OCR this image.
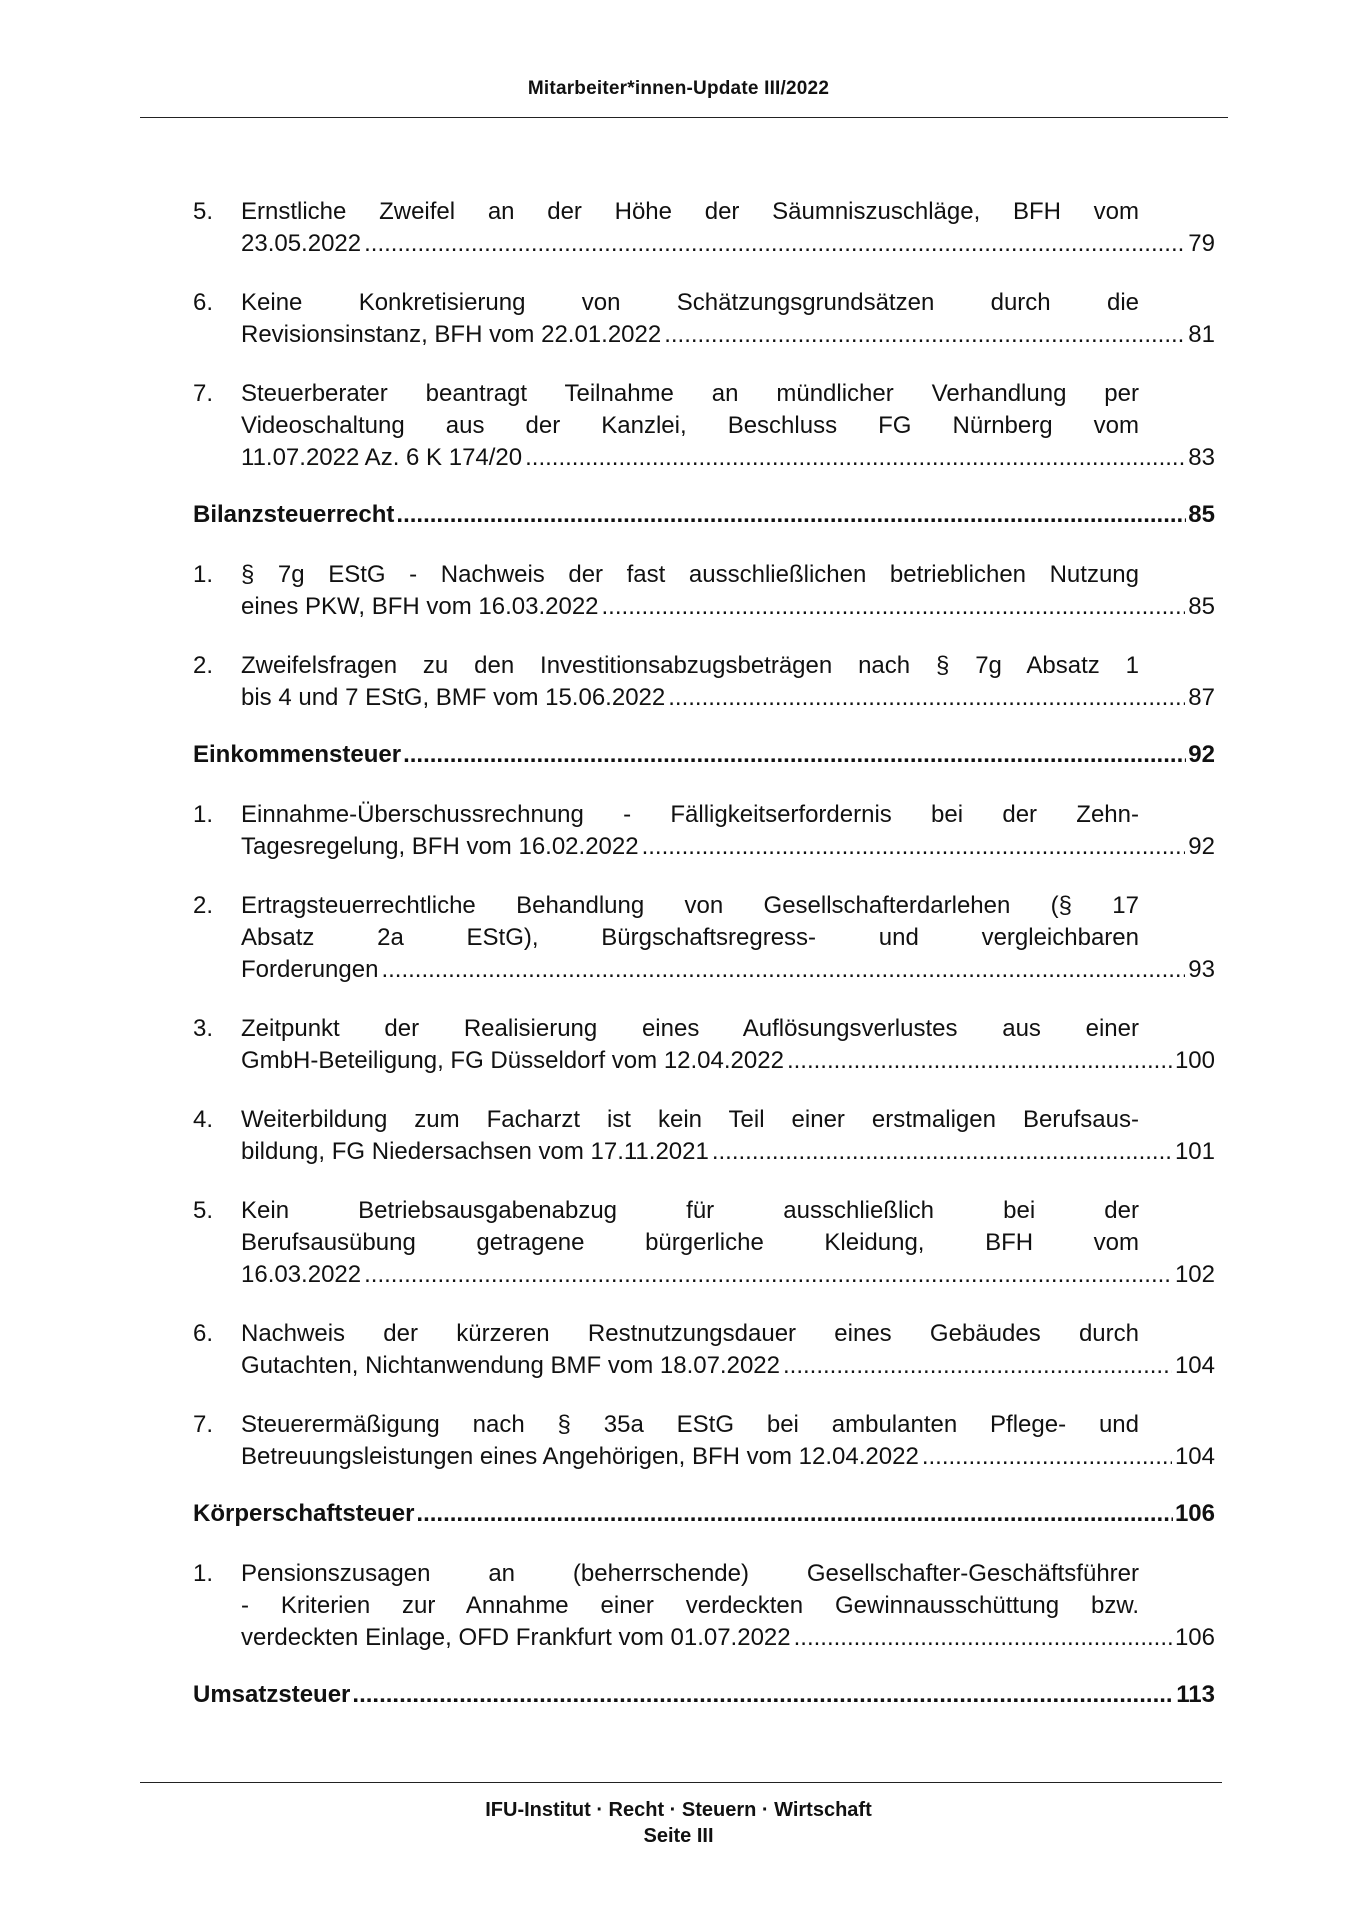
Mitarbeiter*innen-Update III/2022
5.	Ernstliche Zweifel an der Höhe der Säumniszuschläge, BFH vom
23.05.2022 .....	79
6.	Keine Konkretisierung von Schätzungsgrundsätzen durch die
Revisionsinstanz, BFH vom 22.01.2022 .....	81
7.	Steuerberater beantragt Teilnahme an mündlicher Verhandlung per
Videoschaltung aus der Kanzlei, Beschluss FG Nürnberg vom
11.07.2022 Az. 6 K 174/20 .....	83
Bilanzsteuerrecht .....	85
1.	§ 7g EStG - Nachweis der fast ausschließlichen betrieblichen Nutzung
eines PKW, BFH vom 16.03.2022 .....	85
2.	Zweifelsfragen zu den Investitionsabzugsbeträgen nach § 7g Absatz 1
bis 4 und 7 EStG, BMF vom 15.06.2022 .....	87
Einkommensteuer .....	92
1.	Einnahme-Überschussrechnung - Fälligkeitserfordernis bei der Zehn-
Tagesregelung, BFH vom 16.02.2022 .....	92
2.	Ertragsteuerrechtliche Behandlung von Gesellschafterdarlehen (§ 17
Absatz 2a EStG), Bürgschaftsregress- und vergleichbaren
Forderungen .....	93
3.	Zeitpunkt der Realisierung eines Auflösungsverlustes aus einer
GmbH-Beteiligung, FG Düsseldorf vom 12.04.2022 .....	100
4.	Weiterbildung zum Facharzt ist kein Teil einer erstmaligen Berufsaus-
bildung, FG Niedersachsen vom 17.11.2021 .....	101
5.	Kein Betriebsausgabenabzug für ausschließlich bei der
Berufsausübung getragene bürgerliche Kleidung, BFH vom
16.03.2022 .....	102
6.	Nachweis der kürzeren Restnutzungsdauer eines Gebäudes durch
Gutachten, Nichtanwendung BMF vom 18.07.2022 .....	104
7.	Steuerermäßigung nach § 35a EStG bei ambulanten Pflege- und
Betreuungsleistungen eines Angehörigen, BFH vom 12.04.2022 .....	104
Körperschaftsteuer .....	106
1.	Pensionszusagen an (beherrschende) Gesellschafter-Geschäftsführer
- Kriterien zur Annahme einer verdeckten Gewinnausschüttung bzw.
verdeckten Einlage, OFD Frankfurt vom 01.07.2022 .....	106
Umsatzsteuer .....	113
IFU-Institut · Recht · Steuern · Wirtschaft
Seite III
